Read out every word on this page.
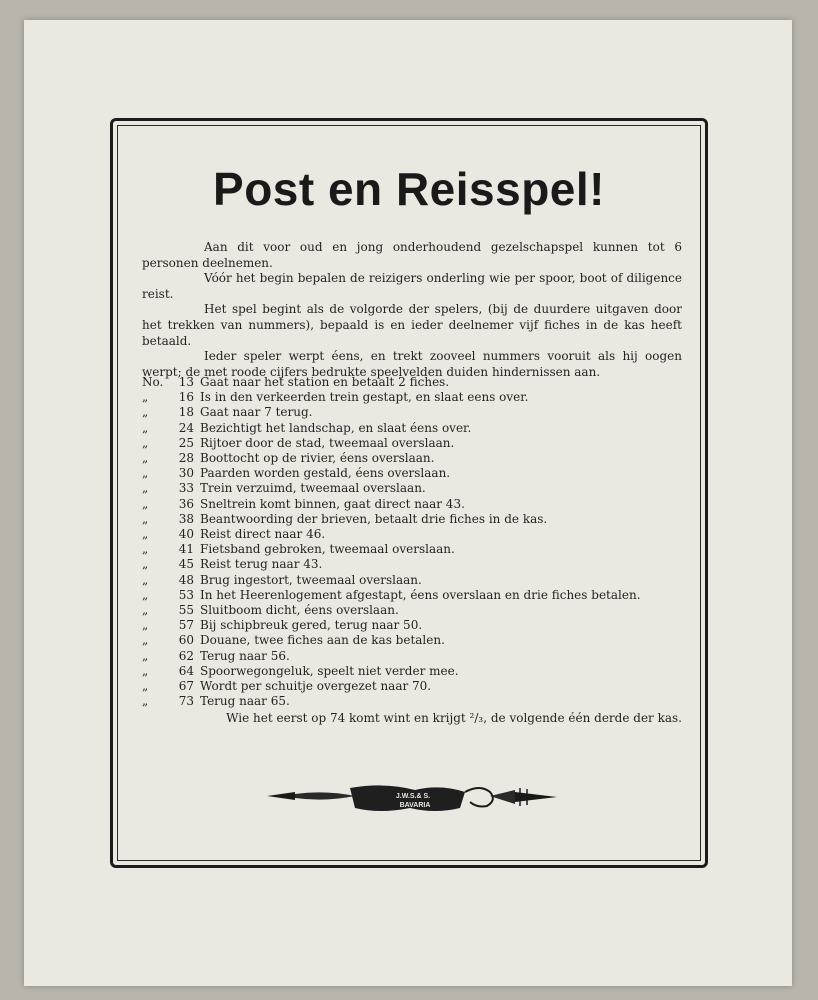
Post en Reisspel!

Aan dit voor oud en jong onderhoudend gezelschapspel kunnen tot 6 personen deelnemen.

Vóór het begin bepalen de reizigers onderling wie per spoor, boot of diligence reist.

Het spel begint als de volgorde der spelers, (bij de duurdere uitgaven door het trekken van nummers), bepaald is en ieder deelnemer vijf fiches in de kas heeft betaald.

Ieder speler werpt éens, en trekt zooveel nummers vooruit als hij oogen werpt; de met roode cijfers bedrukte speelvelden duiden hindernissen aan.

No.	13 Gaat naar het station en betaalt 2 fiches.
„	16 Is in den verkeerden trein gestapt, en slaat eens over.
„	18 Gaat naar 7 terug.
„	24 Bezichtigt het landschap, en slaat éens over.
„	25 Rijtoer door de stad, tweemaal overslaan.
„	28 Boottocht op de rivier, éens overslaan.
„	30 Paarden worden gestald, éens overslaan.
„	33 Trein verzuimd, tweemaal overslaan.
„	36 Sneltrein komt binnen, gaat direct naar 43.
„	38 Beantwoording der brieven, betaalt drie fiches in de kas.
„	40 Reist direct naar 46.
„	41 Fietsband gebroken, tweemaal overslaan.
„	45 Reist terug naar 43.
„	48 Brug ingestort, tweemaal overslaan.
„	53 In het Heerenlogement afgestapt, éens overslaan en drie fiches betalen.
„	55 Sluitboom dicht, éens overslaan.
„	57 Bij schipbreuk gered, terug naar 50.
„	60 Douane, twee fiches aan de kas betalen.
„	62 Terug naar 56.
„	64 Spoorwegongeluk, speelt niet verder mee.
„	67 Wordt per schuitje overgezet naar 70.
„	73 Terug naar 65.
Wie het eerst op 74 komt wint en krijgt ²/₃, de volgende één derde der kas.
J.W.S.& S.
BAVARIA
